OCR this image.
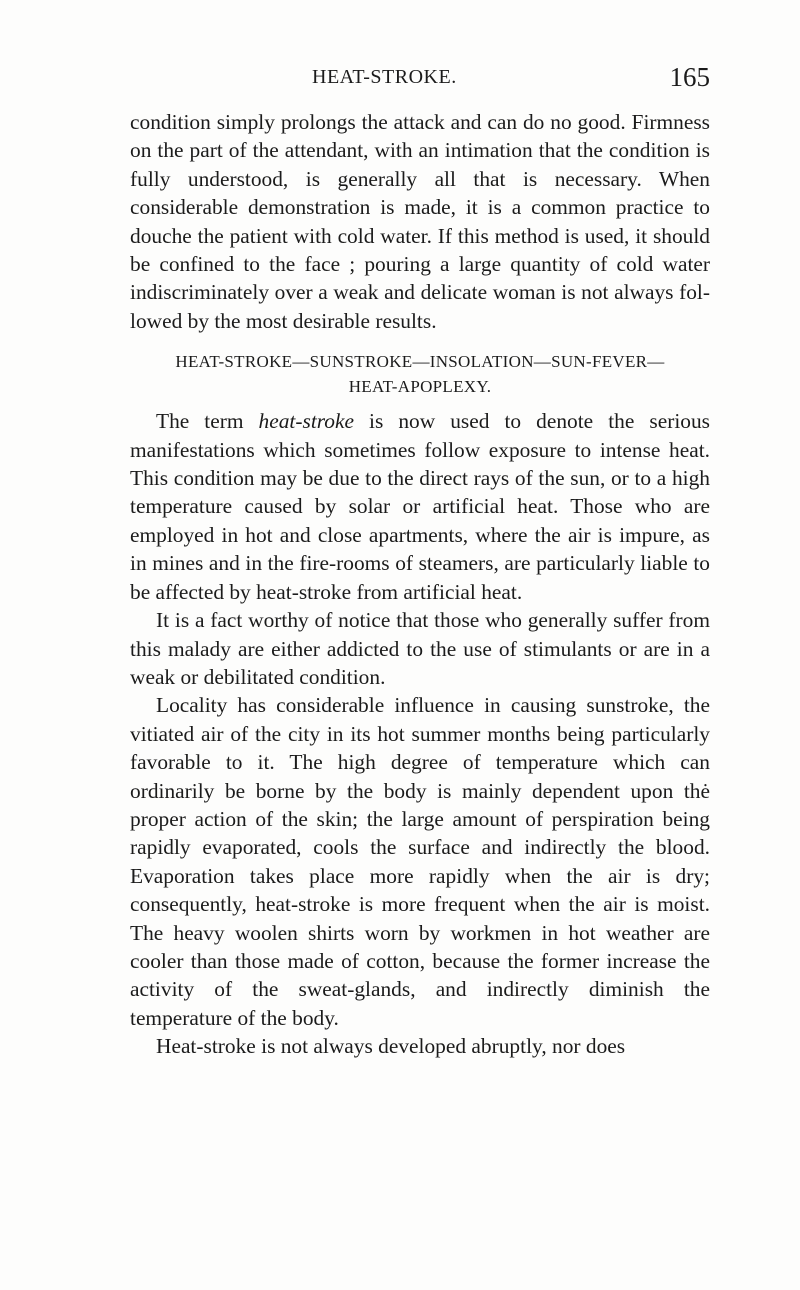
HEAT-STROKE.	165

condition simply prolongs the attack and can do no good. Firmness on the part of the attendant, with an intimation that the condition is fully understood, is generally all that is necessary. When considerable demonstration is made, it is a common practice to douche the patient with cold water. If this method is used, it should be confined to the face ; pouring a large quantity of cold water indiscriminately over a weak and delicate woman is not always followed by the most desirable results.

HEAT-STROKE—SUNSTROKE—INSOLATION—SUN-FEVER—
HEAT-APOPLEXY.

The term heat-stroke is now used to denote the serious manifestations which sometimes follow exposure to intense heat. This condition may be due to the direct rays of the sun, or to a high temperature caused by solar or artificial heat. Those who are employed in hot and close apartments, where the air is impure, as in mines and in the fire-rooms of steamers, are particularly liable to be affected by heat-stroke from artificial heat.

It is a fact worthy of notice that those who generally suffer from this malady are either addicted to the use of stimulants or are in a weak or debilitated condition.

Locality has considerable influence in causing sunstroke, the vitiated air of the city in its hot summer months being particularly favorable to it. The high degree of temperature which can ordinarily be borne by the body is mainly dependent upon thė proper action of the skin; the large amount of perspiration being rapidly evaporated, cools the surface and indirectly the blood. Evaporation takes place more rapidly when the air is dry; consequently, heat-stroke is more frequent when the air is moist. The heavy woolen shirts worn by workmen in hot weather are cooler than those made of cotton, because the former increase the activity of the sweat-glands, and indirectly diminish the temperature of the body.

Heat-stroke is not always developed abruptly, nor does
